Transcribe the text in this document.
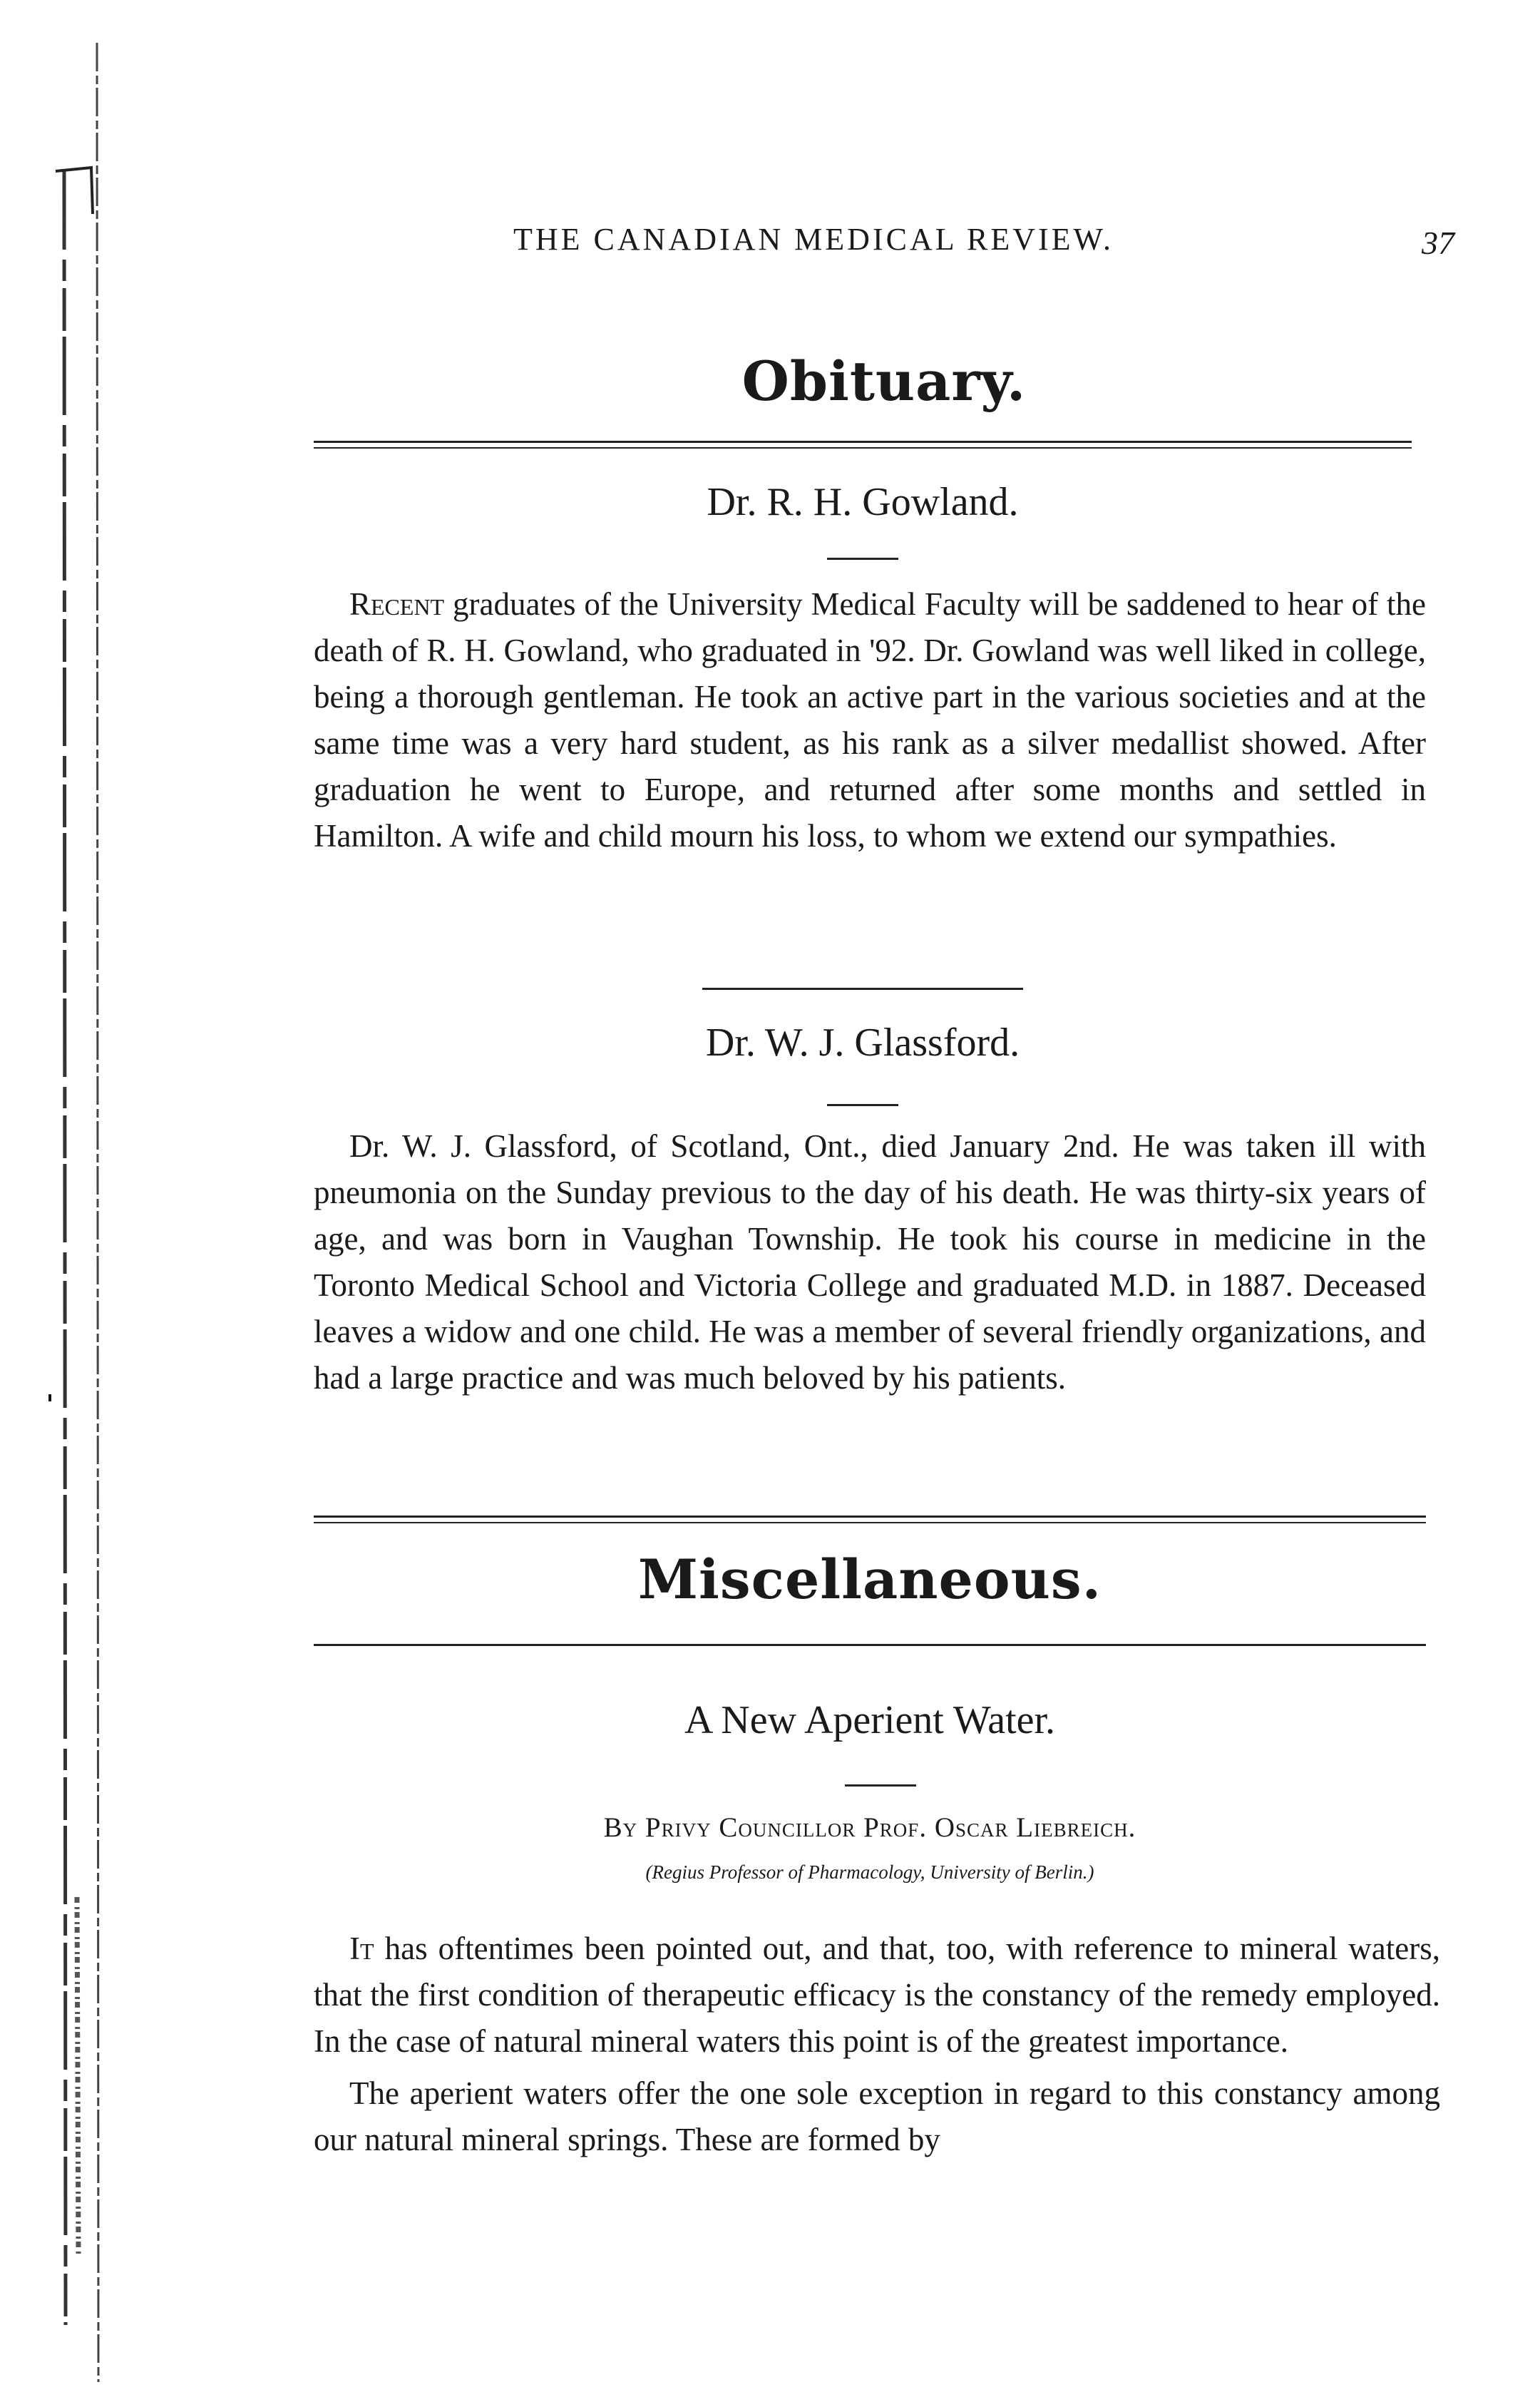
THE CANADIAN MEDICAL REVIEW.	37
Obituary.
Dr. R. H. Gowland.

Recent graduates of the University Medical Faculty will be saddened to hear of the death of R. H. Gowland, who graduated in '92. Dr. Gowland was well liked in college, being a thorough gentleman. He took an active part in the various societies and at the same time was a very hard student, as his rank as a silver medallist showed. After graduation he went to Europe, and returned after some months and settled in Hamilton. A wife and child mourn his loss, to whom we extend our sympathies.

Dr. W. J. Glassford.

Dr. W. J. Glassford, of Scotland, Ont., died January 2nd. He was taken ill with pneumonia on the Sunday previous to the day of his death. He was thirty-six years of age, and was born in Vaughan Township. He took his course in medicine in the Toronto Medical School and Victoria College and graduated M.D. in 1887. Deceased leaves a widow and one child. He was a member of several friendly organizations, and had a large practice and was much beloved by his patients.

Miscellaneous.
A New Aperient Water.
By Privy Councillor Prof. Oscar Liebreich.
(Regius Professor of Pharmacology, University of Berlin.)

It has oftentimes been pointed out, and that, too, with reference to mineral waters, that the first condition of therapeutic efficacy is the constancy of the remedy employed. In the case of natural mineral waters this point is of the greatest importance.

The aperient waters offer the one sole exception in regard to this constancy among our natural mineral springs. These are formed by
